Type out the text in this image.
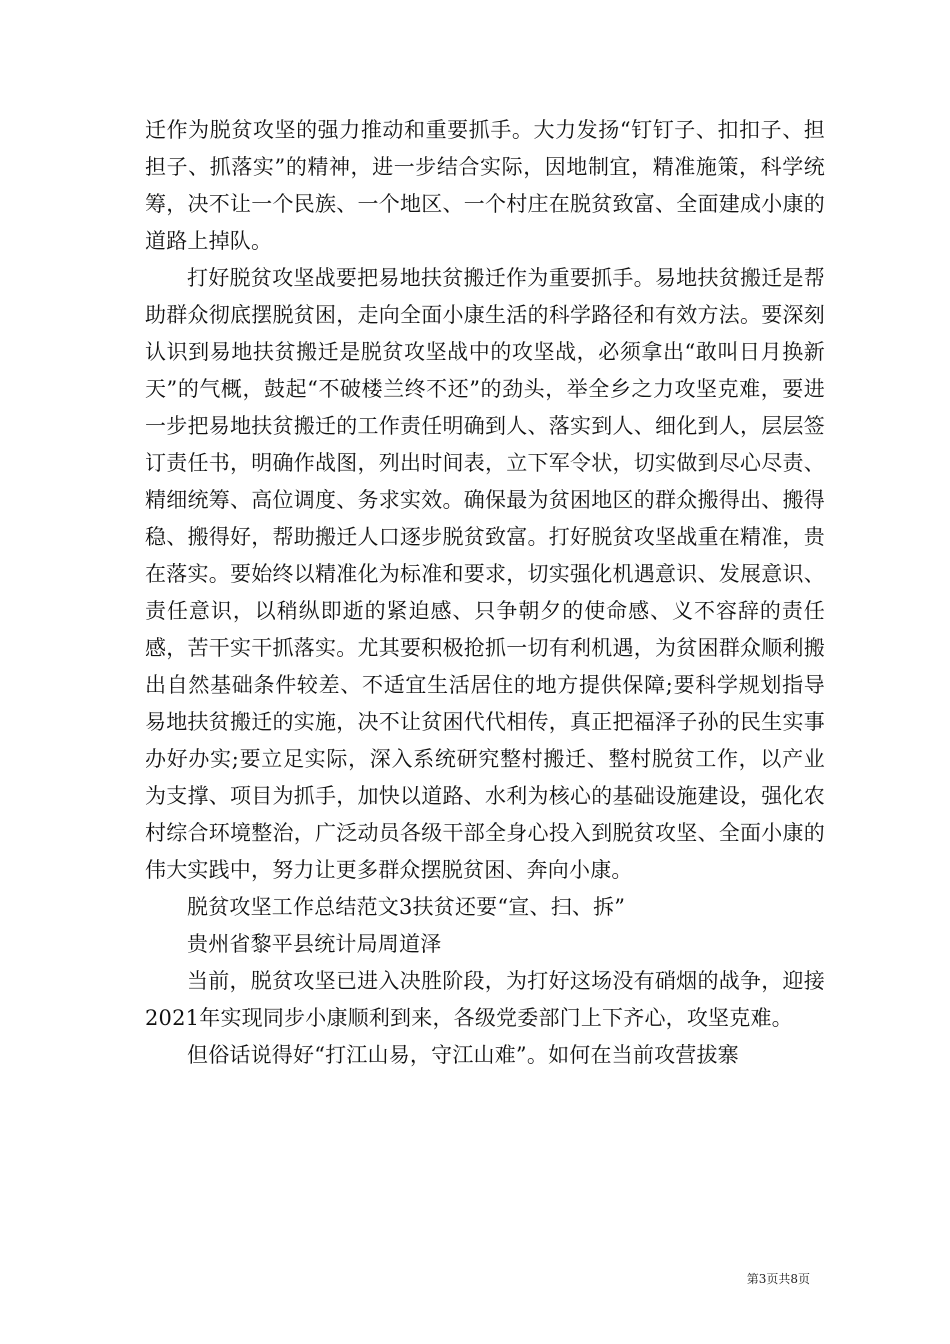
迁作为脱贫攻坚的强力推动和重要抓手。大力发扬“钉钉子、扣扣子、担担子、抓落实”的精神，进一步结合实际，因地制宜，精准施策，科学统筹，决不让一个民族、一个地区、一个村庄在脱贫致富、全面建成小康的道路上掉队。

打好脱贫攻坚战要把易地扶贫搬迁作为重要抓手。易地扶贫搬迁是帮助群众彻底摆脱贫困，走向全面小康生活的科学路径和有效方法。要深刻认识到易地扶贫搬迁是脱贫攻坚战中的攻坚战，必须拿出“敢叫日月换新天”的气概，鼓起“不破楼兰终不还”的劲头，举全乡之力攻坚克难，要进一步把易地扶贫搬迁的工作责任明确到人、落实到人、细化到人，层层签订责任书，明确作战图，列出时间表，立下军令状，切实做到尽心尽责、精细统筹、高位调度、务求实效。确保最为贫困地区的群众搬得出、搬得稳、搬得好，帮助搬迁人口逐步脱贫致富。打好脱贫攻坚战重在精准，贵在落实。要始终以精准化为标准和要求，切实强化机遇意识、发展意识、责任意识，以稍纵即逝的紧迫感、只争朝夕的使命感、义不容辞的责任感，苦干实干抓落实。尤其要积极抢抓一切有利机遇，为贫困群众顺利搬出自然基础条件较差、不适宜生活居住的地方提供保障;要科学规划指导易地扶贫搬迁的实施，决不让贫困代代相传，真正把福泽子孙的民生实事办好办实;要立足实际，深入系统研究整村搬迁、整村脱贫工作，以产业为支撑、项目为抓手，加快以道路、水利为核心的基础设施建设，强化农村综合环境整治，广泛动员各级干部全身心投入到脱贫攻坚、全面小康的伟大实践中，努力让更多群众摆脱贫困、奔向小康。

脱贫攻坚工作总结范文3扶贫还要“宣、扫、拆”

贵州省黎平县统计局周道泽

当前，脱贫攻坚已进入决胜阶段，为打好这场没有硝烟的战争，迎接2021年实现同步小康顺利到来，各级党委部门上下齐心，攻坚克难。

但俗话说得好“打江山易，守江山难”。如何在当前攻营拔寨

第3页共8页
